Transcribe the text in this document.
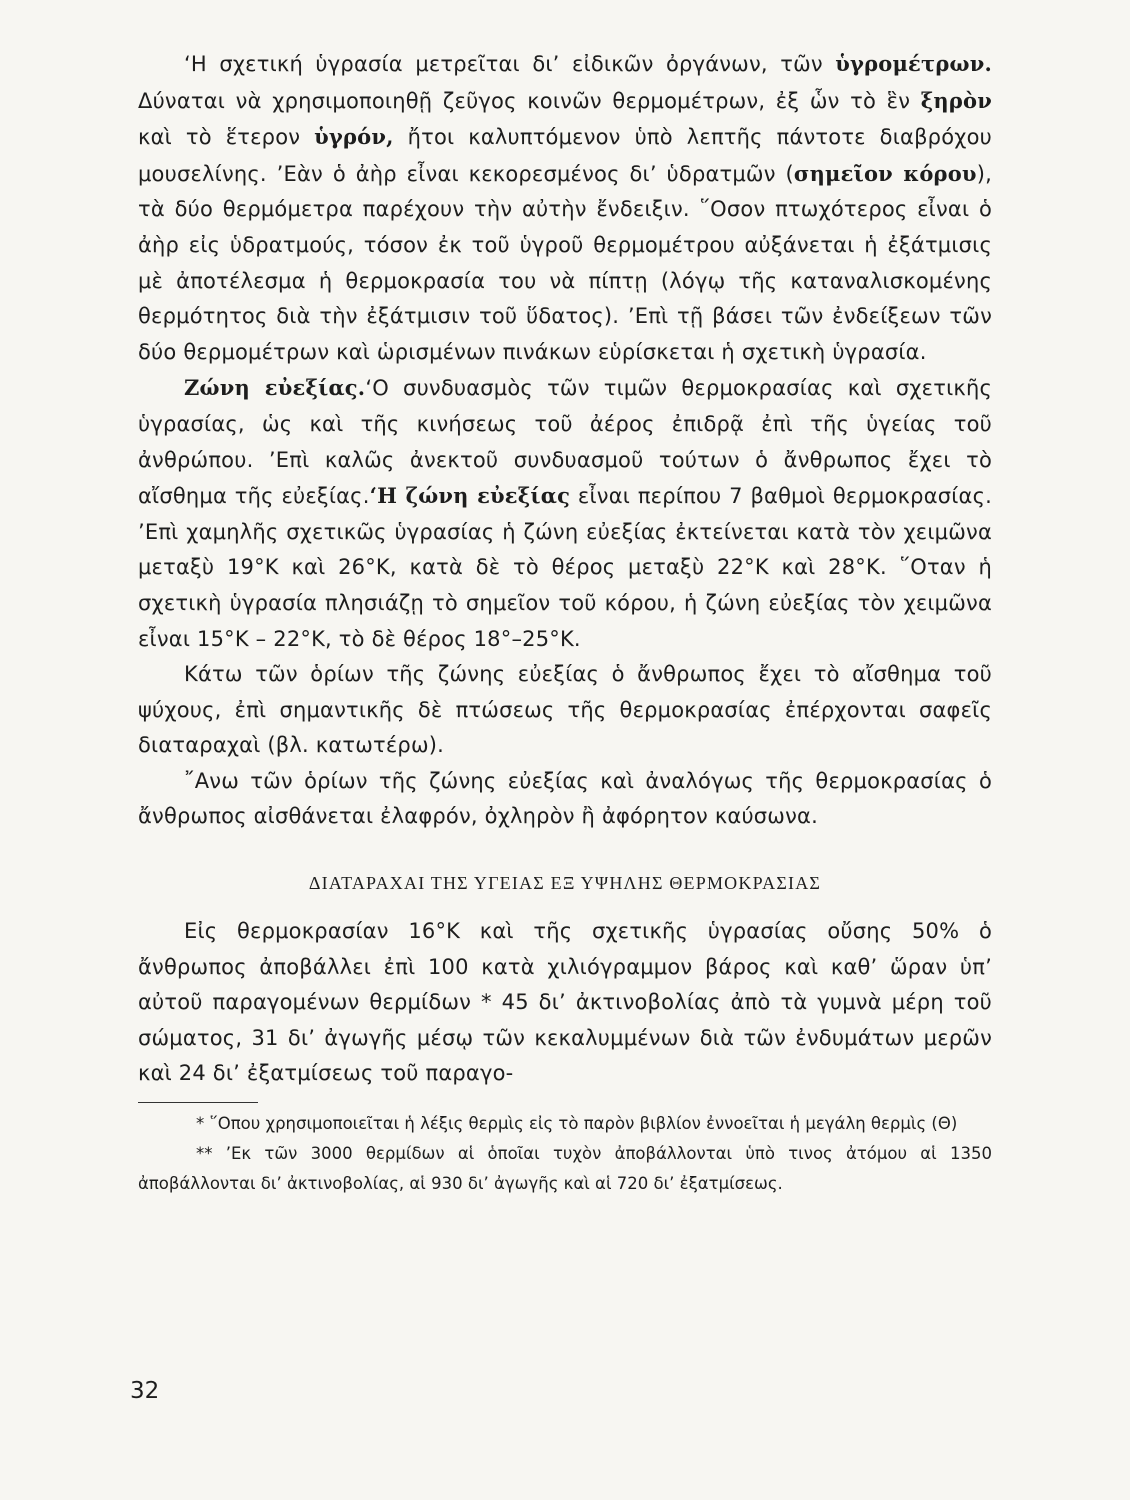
‘Η σχετική ὑγρασία μετρεῖται δι’ εἰδικῶν ὀργάνων, τῶν ὑγρομέτρων. Δύναται νὰ χρησιμοποιηθῇ ζεῦγος κοινῶν θερμομέτρων, ἐξ ὧν τὸ ἓν ξηρὸν καὶ τὸ ἕτερον ὑγρόν, ἤτοι καλυπτόμενον ὑπὸ λεπτῆς πάντοτε διαβρόχου μουσελίνης. ’Εὰν ὁ ἀὴρ εἶναι κεκορεσμένος δι’ ὑδρατμῶν (σημεῖον κόρου), τὰ δύο θερμόμετρα παρέχουν τὴν αὐτὴν ἔνδειξιν. ῞Οσον πτωχότερος εἶναι ὁ ἀὴρ εἰς ὑδρατμούς, τόσον ἐκ τοῦ ὑγροῦ θερμομέτρου αὐξάνεται ἡ ἐξάτμισις μὲ ἀποτέλεσμα ἡ θερμοκρασία του νὰ πίπτῃ (λόγῳ τῆς καταναλισκομένης θερμότητος διὰ τὴν ἐξάτμισιν τοῦ ὕδατος). ’Επὶ τῇ βάσει τῶν ἐνδείξεων τῶν δύο θερμομέτρων καὶ ὡρισμένων πινάκων εὑρίσκεται ἡ σχετικὴ ὑγρασία.

Ζώνη εὐεξίας.‘Ο συνδυασμὸς τῶν τιμῶν θερμοκρασίας καὶ σχετικῆς ὑγρασίας, ὡς καὶ τῆς κινήσεως τοῦ ἀέρος ἐπιδρᾷ ἐπὶ τῆς ὑγείας τοῦ ἀνθρώπου. ’Επὶ καλῶς ἀνεκτοῦ συνδυασμοῦ τούτων ὁ ἄνθρωπος ἔχει τὸ αἴσθημα τῆς εὐεξίας.‘Η ζώνη εὐεξίας εἶναι περίπου 7 βαθμοὶ θερμοκρασίας. ’Επὶ χαμηλῆς σχετικῶς ὑγρασίας ἡ ζώνη εὐεξίας ἐκτείνεται κατὰ τὸν χειμῶνα μεταξὺ 19°Κ καὶ 26°Κ, κατὰ δὲ τὸ θέρος μεταξὺ 22°Κ καὶ 28°Κ. ῞Οταν ἡ σχετικὴ ὑγρασία πλησιάζῃ τὸ σημεῖον τοῦ κόρου, ἡ ζώνη εὐεξίας τὸν χειμῶνα εἶναι 15°Κ – 22°Κ, τὸ δὲ θέρος 18°–25°Κ.

Κάτω τῶν ὁρίων τῆς ζώνης εὐεξίας ὁ ἄνθρωπος ἔχει τὸ αἴσθημα τοῦ ψύχους, ἐπὶ σημαντικῆς δὲ πτώσεως τῆς θερμοκρασίας ἐπέρχονται σαφεῖς διαταραχαὶ (βλ. κατωτέρω).

῎Ανω τῶν ὁρίων τῆς ζώνης εὐεξίας καὶ ἀναλόγως τῆς θερμοκρασίας ὁ ἄνθρωπος αἰσθάνεται ἐλαφρόν, ὀχληρὸν ἢ ἀφόρητον καύσωνα.

ΔΙΑΤΑΡΑΧΑΙ ΤΗΣ ΥΓΕΙΑΣ ΕΞ ΥΨΗΛΗΣ ΘΕΡΜΟΚΡΑΣΙΑΣ

Εἰς θερμοκρασίαν 16°Κ καὶ τῆς σχετικῆς ὑγρασίας οὔσης 50% ὁ ἄνθρωπος ἀποβάλλει ἐπὶ 100 κατὰ χιλιόγραμμον βάρος καὶ καθ’ ὥραν ὑπ’ αὐτοῦ παραγομένων θερμίδων * 45 δι’ ἀκτινοβολίας ἀπὸ τὰ γυμνὰ μέρη τοῦ σώματος, 31 δι’ ἀγωγῆς μέσῳ τῶν κεκαλυμμένων διὰ τῶν ἐνδυμάτων μερῶν καὶ 24 δι’ ἐξατμίσεως τοῦ παραγο-

* ῞Οπου χρησιμοποιεῖται ἡ λέξις θερμὶς εἰς τὸ παρὸν βιβλίον ἐννοεῖται ἡ μεγάλη θερμὶς (Θ)

** ’Εκ τῶν 3000 θερμίδων αἱ ὁποῖαι τυχὸν ἀποβάλλονται ὑπὸ τινος ἀτόμου αἱ 1350 ἀποβάλλονται δι’ ἀκτινοβολίας, αἱ 930 δι’ ἀγωγῆς καὶ αἱ 720 δι’ ἐξατμίσεως.

32
